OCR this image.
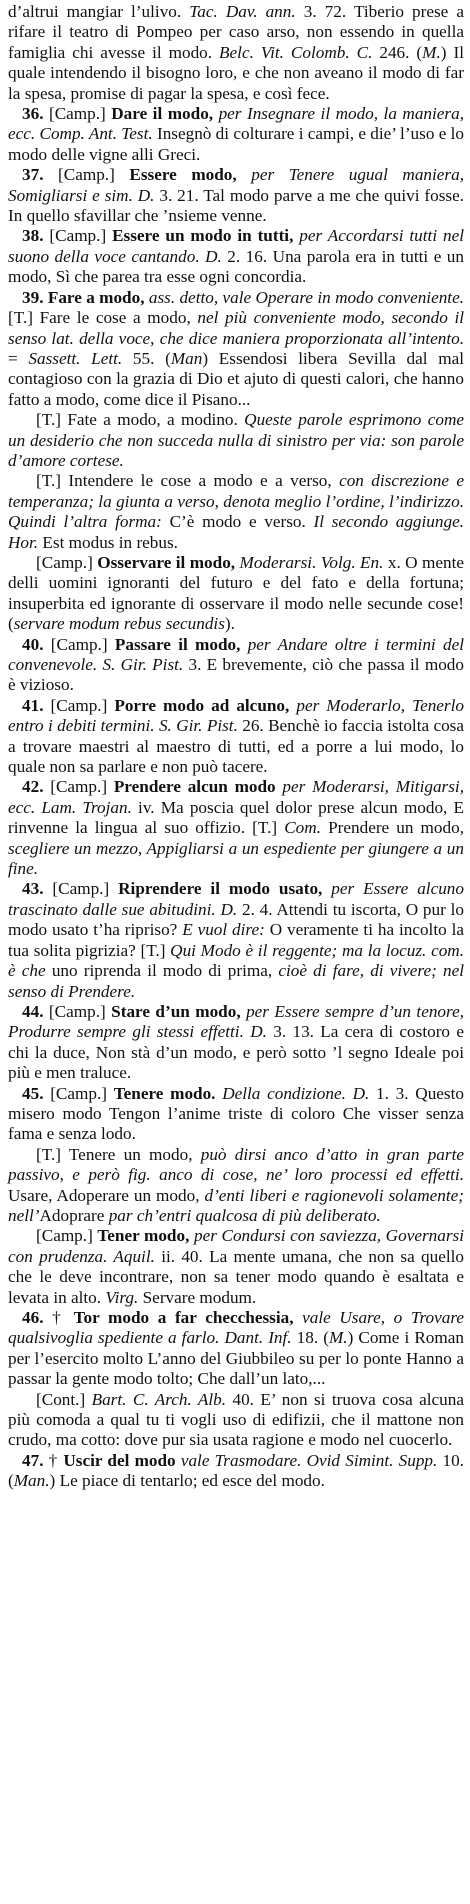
d’altrui mangiar l’ulivo. Tac. Dav. ann. 3. 72. Tiberio prese a rifare il teatro di Pompeo per caso arso, non essendo in quella famiglia chi avesse il modo. Belc. Vit. Colomb. C. 246. (M.) Il quale intendendo il bisogno loro, e che non aveano il modo di far la spesa, promise di pagar la spesa, e così fece.

36. [Camp.] Dare il modo, per Insegnare il modo, la maniera, ecc. Comp. Ant. Test. Insegnò di colturare i campi, e die’ l’uso e lo modo delle vigne alli Greci.

37. [Camp.] Essere modo, per Tenere ugual maniera, Somigliarsi e sim. D. 3. 21. Tal modo parve a me che quivi fosse. In quello sfavillar che ’nsieme venne.

38. [Camp.] Essere un modo in tutti, per Accordarsi tutti nel suono della voce cantando. D. 2. 16. Una parola era in tutti e un modo, Sì che parea tra esse ogni concordia.

39. Fare a modo, ass. detto, vale Operare in modo conveniente. [T.] Fare le cose a modo, nel più conveniente modo, secondo il senso lat. della voce, che dice maniera proporzionata all’intento. = Sassett. Lett. 55. (Man) Essendosi libera Sevilla dal mal contagioso con la grazia di Dio et ajuto di questi calori, che hanno fatto a modo, come dice il Pisano...

[T.] Fate a modo, a modino. Queste parole esprimono come un desiderio che non succeda nulla di sinistro per via: son parole d’amore cortese.

[T.] Intendere le cose a modo e a verso, con discrezione e temperanza; la giunta a verso, denota meglio l’ordine, l’indirizzo. Quindi l’altra forma: C’è modo e verso. Il secondo aggiunge. Hor. Est modus in rebus.

[Camp.] Osservare il modo, Moderarsi. Volg. En. x. O mente delli uomini ignoranti del futuro e del fato e della fortuna; insuperbita ed ignorante di osservare il modo nelle secunde cose! (servare modum rebus secundis).

40. [Camp.] Passare il modo, per Andare oltre i termini del convenevole. S. Gir. Pist. 3. E brevemente, ciò che passa il modo è vizioso.

41. [Camp.] Porre modo ad alcuno, per Moderarlo, Tenerlo entro i debiti termini. S. Gir. Pist. 26. Benchè io faccia istolta cosa a trovare maestri al maestro di tutti, ed a porre a lui modo, lo quale non sa parlare e non può tacere.

42. [Camp.] Prendere alcun modo per Moderarsi, Mitigarsi, ecc. Lam. Trojan. iv. Ma poscia quel dolor prese alcun modo, E rinvenne la lingua al suo offizio. [T.] Com. Prendere un modo, scegliere un mezzo, Appigliarsi a un espediente per giungere a un fine.

43. [Camp.] Riprendere il modo usato, per Essere alcuno trascinato dalle sue abitudini. D. 2. 4. Attendi tu iscorta, O pur lo modo usato t’ha ripriso? E vuol dire: O veramente ti ha incolto la tua solita pigrizia? [T.] Qui Modo è il reggente; ma la locuz. com. è che uno riprenda il modo di prima, cioè di fare, di vivere; nel senso di Prendere.

44. [Camp.] Stare d’un modo, per Essere sempre d’un tenore, Produrre sempre gli stessi effetti. D. 3. 13. La cera di costoro e chi la duce, Non stà d’un modo, e però sotto ’l segno Ideale poi più e men traluce.

45. [Camp.] Tenere modo. Della condizione. D. 1. 3. Questo misero modo Tengon l’anime triste di coloro Che visser senza fama e senza lodo.

[T.] Tenere un modo, può dirsi anco d’atto in gran parte passivo, e però fig. anco di cose, ne’ loro processi ed effetti. Usare, Adoperare un modo, d’enti liberi e ragionevoli solamente; nell’Adoprare par ch’entri qualcosa di più deliberato.

[Camp.] Tener modo, per Condursi con saviezza, Governarsi con prudenza. Aquil. ii. 40. La mente umana, che non sa quello che le deve incontrare, non sa tener modo quando è esaltata e levata in alto. Virg. Servare modum.

46. † Tor modo a far checchessia, vale Usare, o Trovare qualsivoglia spediente a farlo. Dant. Inf. 18. (M.) Come i Roman per l’esercito molto L’anno del Giubbileo su per lo ponte Hanno a passar la gente modo tolto; Che dall’un lato,...

[Cont.] Bart. C. Arch. Alb. 40. E’ non si truova cosa alcuna più comoda a qual tu ti vogli uso di edifizii, che il mattone non crudo, ma cotto: dove pur sia usata ragione e modo nel cuocerlo.

47. † Uscir del modo vale Trasmodare. Ovid Simint. Supp. 10. (Man.) Le piace di tentarlo; ed esce del modo.
